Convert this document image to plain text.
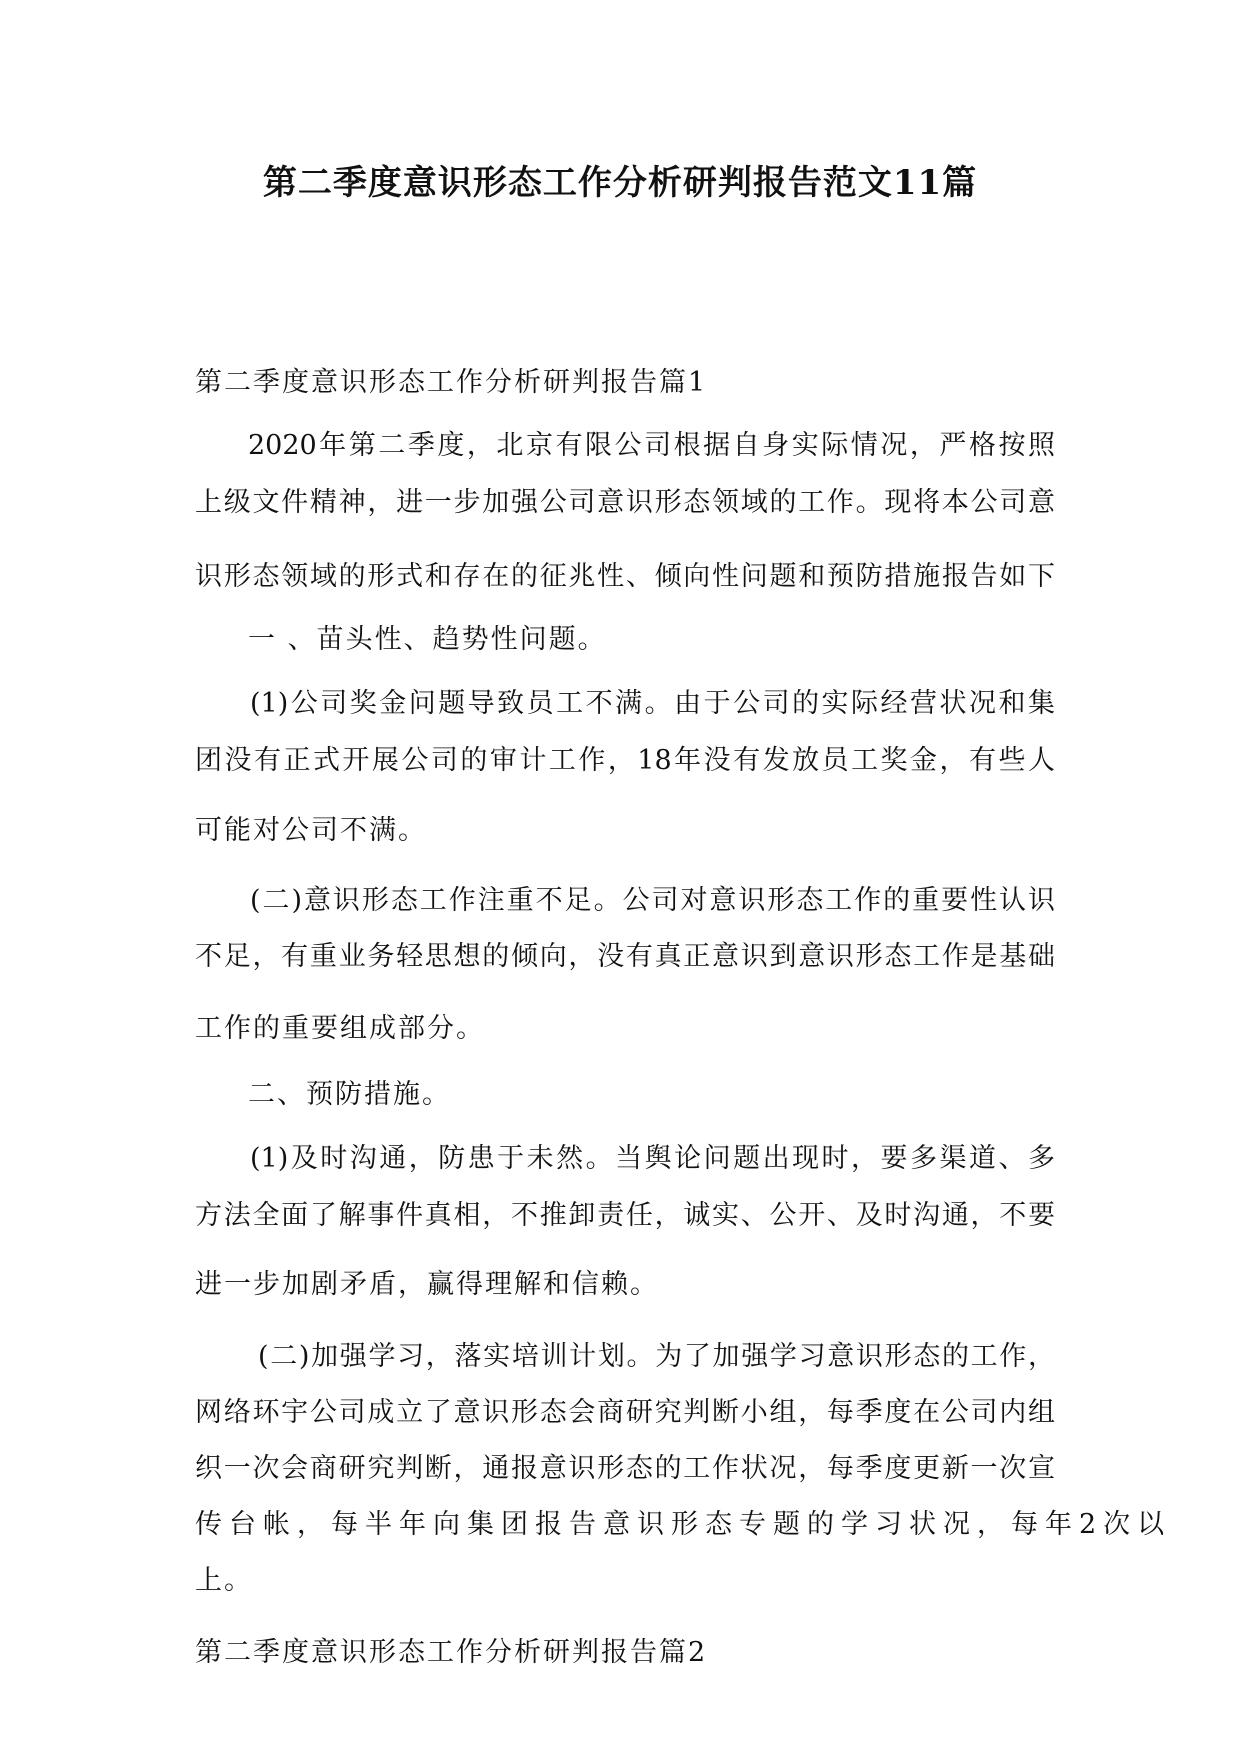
第二季度意识形态工作分析研判报告范文11篇
第二季度意识形态工作分析研判报告篇1
2020年第二季度，北京有限公司根据自身实际情况，严格按照
上级文件精神，进一步加强公司意识形态领域的工作。现将本公司意
识形态领域的形式和存在的征兆性、倾向性问题和预防措施报告如下
一 、苗头性、趋势性问题。
(1)公司奖金问题导致员工不满。由于公司的实际经营状况和集
团没有正式开展公司的审计工作，18年没有发放员工奖金，有些人
可能对公司不满。
(二)意识形态工作注重不足。公司对意识形态工作的重要性认识
不足，有重业务轻思想的倾向，没有真正意识到意识形态工作是基础
工作的重要组成部分。
二、预防措施。
(1)及时沟通，防患于未然。当舆论问题出现时，要多渠道、多
方法全面了解事件真相，不推卸责任，诚实、公开、及时沟通，不要
进一步加剧矛盾，赢得理解和信赖。
(二)加强学习，落实培训计划。为了加强学习意识形态的工作，
网络环宇公司成立了意识形态会商研究判断小组，每季度在公司内组
织一次会商研究判断，通报意识形态的工作状况，每季度更新一次宣
传台帐，每半年向集团报告意识形态专题的学习状况，每年2次以
上。
第二季度意识形态工作分析研判报告篇2
